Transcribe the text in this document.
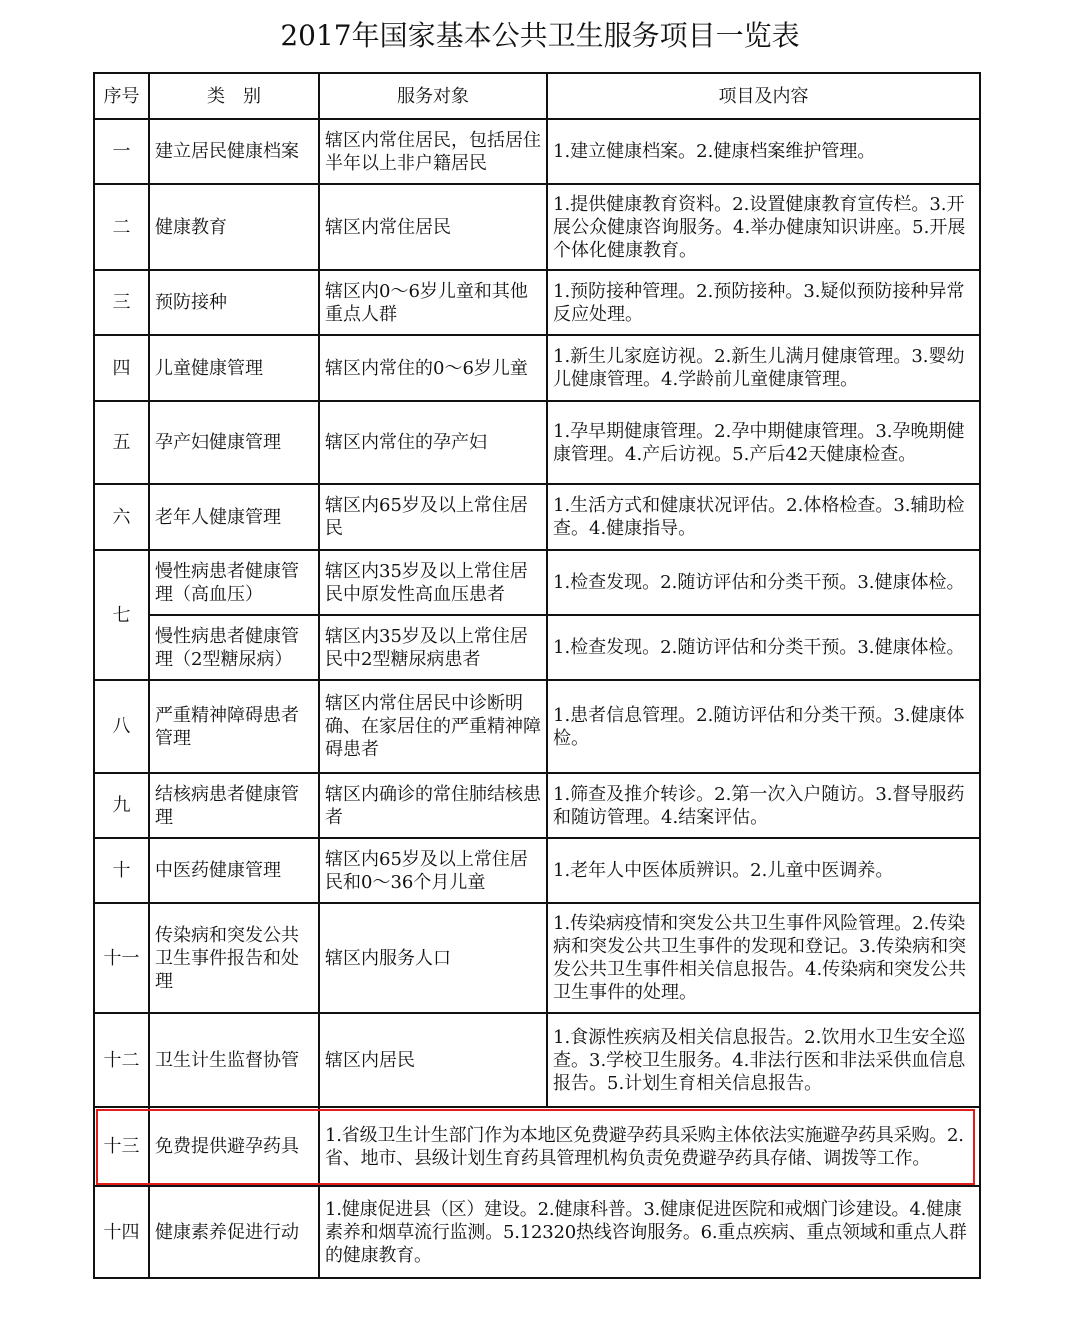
2017年国家基本公共卫生服务项目一览表
序号	类　别	服务对象	项目及内容
一	建立居民健康档案	辖区内常住居民，包括居住半年以上非户籍居民	1.建立健康档案。2.健康档案维护管理。
二	健康教育	辖区内常住居民	1.提供健康教育资料。2.设置健康教育宣传栏。3.开展公众健康咨询服务。4.举办健康知识讲座。5.开展个体化健康教育。
三	预防接种	辖区内0～6岁儿童和其他重点人群	1.预防接种管理。2.预防接种。3.疑似预防接种异常反应处理。
四	儿童健康管理	辖区内常住的0～6岁儿童	1.新生儿家庭访视。2.新生儿满月健康管理。3.婴幼儿健康管理。4.学龄前儿童健康管理。
五	孕产妇健康管理	辖区内常住的孕产妇	1.孕早期健康管理。2.孕中期健康管理。3.孕晚期健康管理。4.产后访视。5.产后42天健康检查。
六	老年人健康管理	辖区内65岁及以上常住居民	1.生活方式和健康状况评估。2.体格检查。3.辅助检查。4.健康指导。
七	慢性病患者健康管理（高血压）	辖区内35岁及以上常住居民中原发性高血压患者	1.检查发现。2.随访评估和分类干预。3.健康体检。
	慢性病患者健康管理（2型糖尿病）	辖区内35岁及以上常住居民中2型糖尿病患者	1.检查发现。2.随访评估和分类干预。3.健康体检。
八	严重精神障碍患者管理	辖区内常住居民中诊断明确、在家居住的严重精神障碍患者	1.患者信息管理。2.随访评估和分类干预。3.健康体检。
九	结核病患者健康管理	辖区内确诊的常住肺结核患者	1.筛查及推介转诊。2.第一次入户随访。3.督导服药和随访管理。4.结案评估。
十	中医药健康管理	辖区内65岁及以上常住居民和0～36个月儿童	1.老年人中医体质辨识。2.儿童中医调养。
十一	传染病和突发公共卫生事件报告和处理	辖区内服务人口	1.传染病疫情和突发公共卫生事件风险管理。2.传染病和突发公共卫生事件的发现和登记。3.传染病和突发公共卫生事件相关信息报告。4.传染病和突发公共卫生事件的处理。
十二	卫生计生监督协管	辖区内居民	1.食源性疾病及相关信息报告。2.饮用水卫生安全巡查。3.学校卫生服务。4.非法行医和非法采供血信息报告。5.计划生育相关信息报告。
十三	免费提供避孕药具	1.省级卫生计生部门作为本地区免费避孕药具采购主体依法实施避孕药具采购。2.省、地市、县级计划生育药具管理机构负责免费避孕药具存储、调拨等工作。	
十四	健康素养促进行动	1.健康促进县（区）建设。2.健康科普。3.健康促进医院和戒烟门诊建设。4.健康素养和烟草流行监测。5.12320热线咨询服务。6.重点疾病、重点领域和重点人群的健康教育。	
